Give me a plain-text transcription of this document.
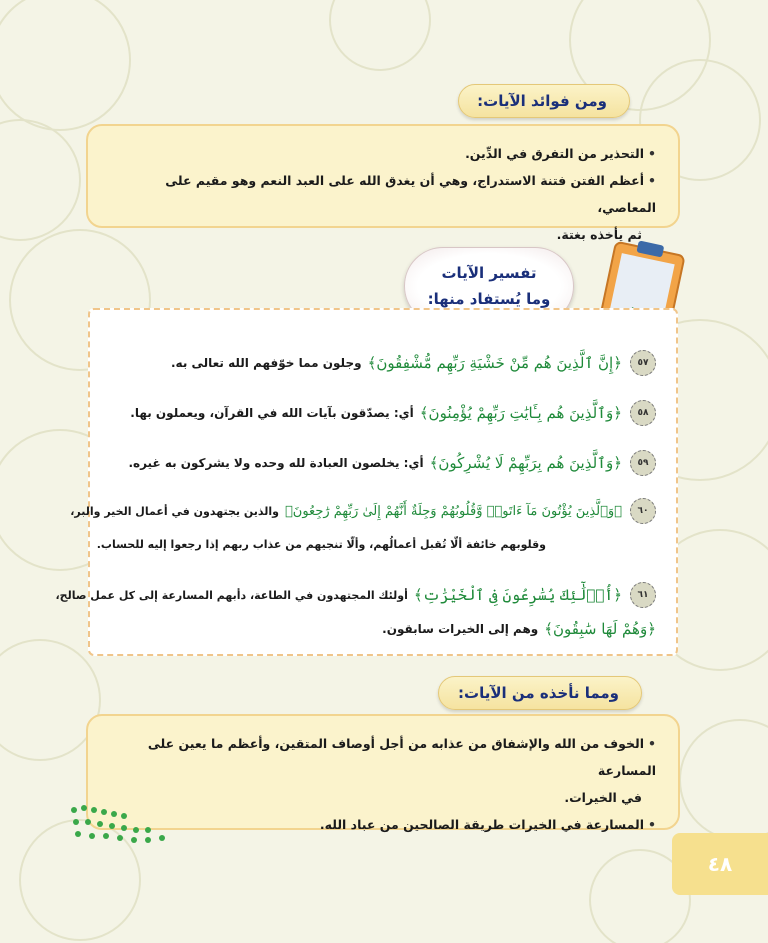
ومن فوائد الآيات:
•التحذير من التفرق في الدِّين.
•أعظم الفتن فتنة الاستدراج، وهي أن يغدق الله على العبد النعم وهو مقيم على المعاصي،
ثم يأخذه بغتة.
تفسير الآيات
وما يُستفاد منها:
٥٧
﴿إِنَّ ٱلَّذِينَ هُم مِّنْ خَشْيَةِ رَبِّهِم مُّشْفِقُونَ﴾
وجلون مما خوّفهم الله تعالى به.
٥٨
﴿وَٱلَّذِينَ هُم بِـَٔايَٰتِ رَبِّهِمْ يُؤْمِنُونَ﴾
أي: يصدّقون بآيات الله في القرآن، ويعملون بها.
٥٩
﴿وَٱلَّذِينَ هُم بِرَبِّهِمْ لَا يُشْرِكُونَ﴾
أي: يخلصون العبادة لله وحده ولا يشركون به غيره.
٦٠
﴿وَٱلَّذِينَ يُؤْتُونَ مَآ ءَاتَوا۟ وَّقُلُوبُهُمْ وَجِلَةٌ أَنَّهُمْ إِلَىٰ رَبِّهِمْ رَٰجِعُونَ﴾
والذين يجتهدون في أعمال الخير والبر،
وقلوبهم خائفة ألّا تُقبل أعمالُهم، وألّا تنجيهم من عذاب ربهم إذا رجعوا إليه للحساب.
٦١
﴿أُو۟لَٰٓئِكَ يُسَٰرِعُونَ فِى ٱلْخَيْرَٰتِ﴾
أولئك المجتهدون في الطاعة، دأبهم المسارعة إلى كل عمل صالح،
﴿وَهُمْ لَهَا سَٰبِقُونَ﴾
وهم إلى الخيرات سابقون.
ومما نأخذه من الآيات:
•الخوف من الله والإشفاق من عذابه من أجل أوصاف المتقين، وأعظم ما يعين على المسارعة
في الخيرات.
•المسارعة في الخيرات طريقة الصالحين من عباد الله.
٤٨
